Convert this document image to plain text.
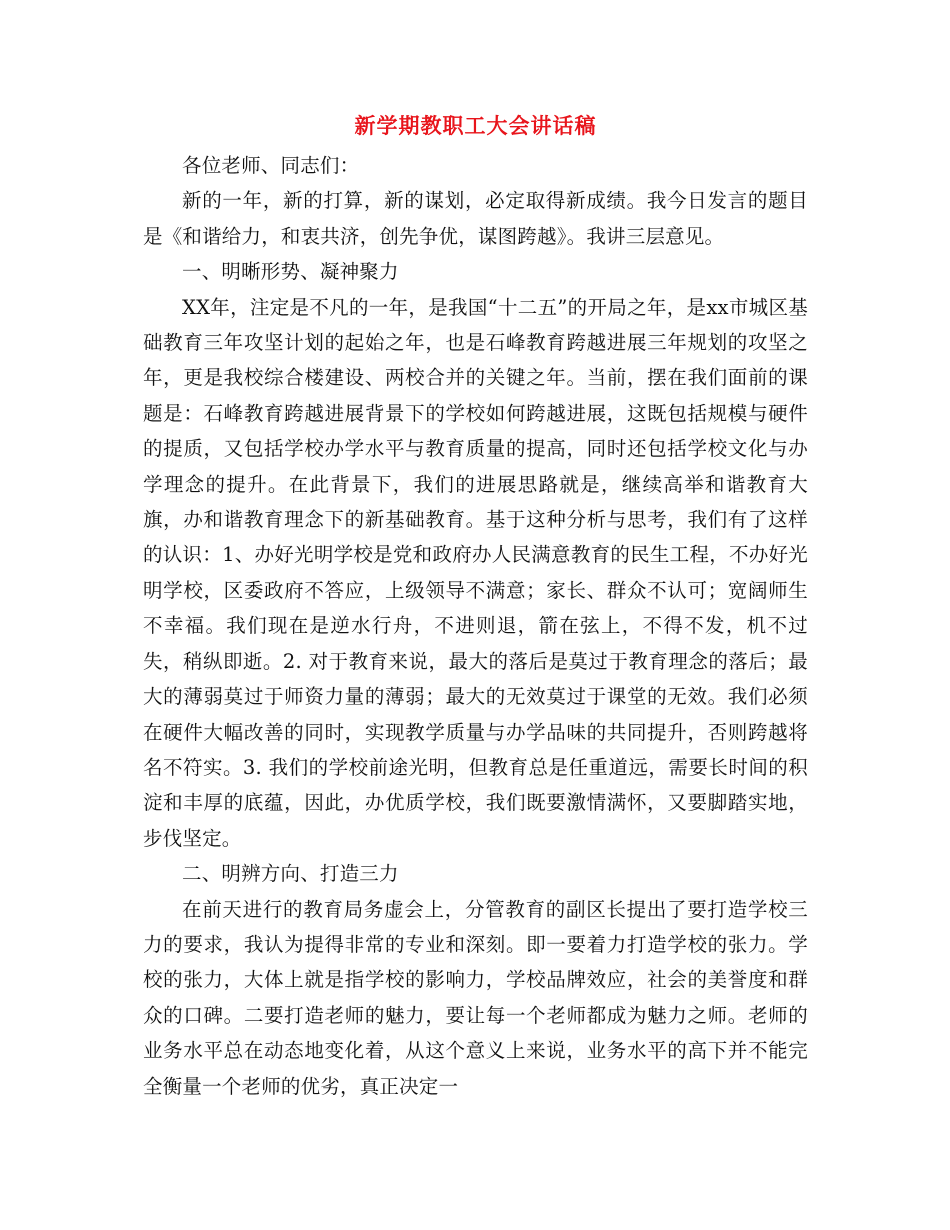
新学期教职工大会讲话稿

各位老师、同志们：

新的一年，新的打算，新的谋划，必定取得新成绩。我今日发言的题目是《和谐给力，和衷共济，创先争优，谋图跨越》。我讲三层意见。

一、明晰形势、凝神聚力

XX年，注定是不凡的一年，是我国“十二五”的开局之年，是xx市城区基础教育三年攻坚计划的起始之年，也是石峰教育跨越进展三年规划的攻坚之年，更是我校综合楼建设、两校合并的关键之年。当前，摆在我们面前的课题是：石峰教育跨越进展背景下的学校如何跨越进展，这既包括规模与硬件的提质，又包括学校办学水平与教育质量的提高，同时还包括学校文化与办学理念的提升。在此背景下，我们的进展思路就是，继续高举和谐教育大旗，办和谐教育理念下的新基础教育。基于这种分析与思考，我们有了这样的认识：1、办好光明学校是党和政府办人民满意教育的民生工程，不办好光明学校，区委政府不答应，上级领导不满意；家长、群众不认可；宽阔师生不幸福。我们现在是逆水行舟，不进则退，箭在弦上，不得不发，机不过失，稍纵即逝。2. 对于教育来说，最大的落后是莫过于教育理念的落后；最大的薄弱莫过于师资力量的薄弱；最大的无效莫过于课堂的无效。我们必须在硬件大幅改善的同时，实现教学质量与办学品味的共同提升，否则跨越将名不符实。3. 我们的学校前途光明，但教育总是任重道远，需要长时间的积淀和丰厚的底蕴，因此，办优质学校，我们既要激情满怀，又要脚踏实地，步伐坚定。

二、明辨方向、打造三力

在前天进行的教育局务虚会上，分管教育的副区长提出了要打造学校三力的要求，我认为提得非常的专业和深刻。即一要着力打造学校的张力。学校的张力，大体上就是指学校的影响力，学校品牌效应，社会的美誉度和群众的口碑。二要打造老师的魅力，要让每一个老师都成为魅力之师。老师的业务水平总在动态地变化着，从这个意义上来说，业务水平的高下并不能完全衡量一个老师的优劣，真正决定一
